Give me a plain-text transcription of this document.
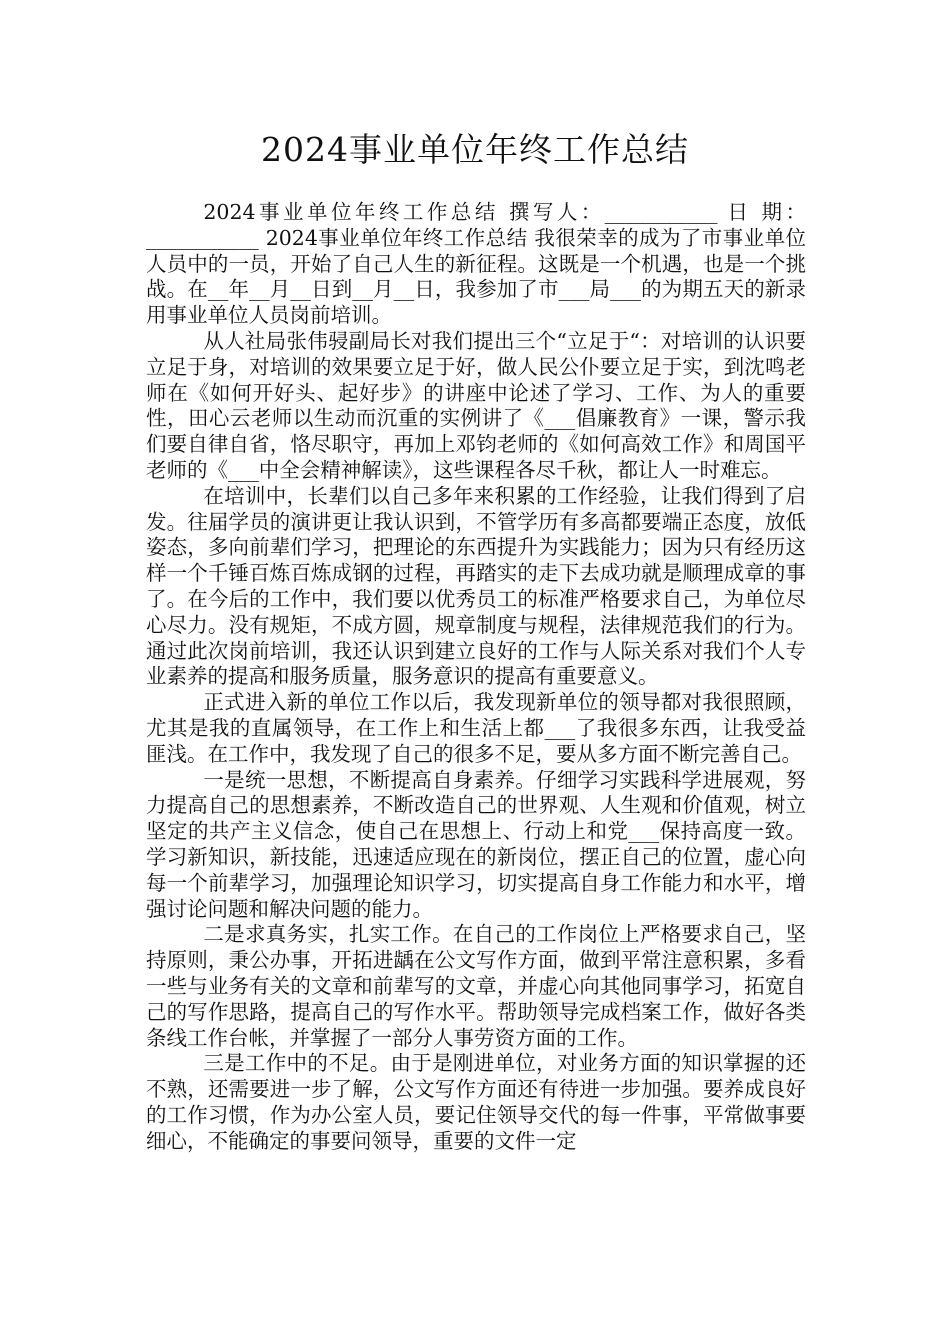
2024事业单位年终工作总结

2024事业单位年终工作总结 撰写人：___________ 日 期：___________ 2024事业单位年终工作总结 我很荣幸的成为了市事业单位人员中的一员，开始了自己人生的新征程。这既是一个机遇，也是一个挑战。在__年__月__日到__月__日，我参加了市___局___的为期五天的新录用事业单位人员岗前培训。

从人社局张伟骎副局长对我们提出三个“立足于“：对培训的认识要立足于身，对培训的效果要立足于好，做人民公仆要立足于实，到沈鸣老师在《如何开好头、起好步》的讲座中论述了学习、工作、为人的重要性，田心云老师以生动而沉重的实例讲了《___倡廉教育》一课，警示我们要自律自省，恪尽职守，再加上邓钧老师的《如何高效工作》和周国平老师的《___中全会精神解读》，这些课程各尽千秋，都让人一时难忘。

在培训中，长辈们以自己多年来积累的工作经验，让我们得到了启发。往届学员的演讲更让我认识到，不管学历有多高都要端正态度，放低姿态，多向前辈们学习，把理论的东西提升为实践能力；因为只有经历这样一个千锤百炼百炼成钢的过程，再踏实的走下去成功就是顺理成章的事了。在今后的工作中，我们要以优秀员工的标准严格要求自己，为单位尽心尽力。没有规矩，不成方圆，规章制度与规程，法律规范我们的行为。通过此次岗前培训，我还认识到建立良好的工作与人际关系对我们个人专业素养的提高和服务质量，服务意识的提高有重要意义。

正式进入新的单位工作以后，我发现新单位的领导都对我很照顾，尤其是我的直属领导，在工作上和生活上都___了我很多东西，让我受益匪浅。在工作中，我发现了自己的很多不足，要从多方面不断完善自己。

一是统一思想，不断提高自身素养。仔细学习实践科学进展观，努力提高自己的思想素养，不断改造自己的世界观、人生观和价值观，树立坚定的共产主义信念，使自己在思想上、行动上和党___保持高度一致。学习新知识，新技能，迅速适应现在的新岗位，摆正自己的位置，虚心向每一个前辈学习，加强理论知识学习，切实提高自身工作能力和水平，增强讨论问题和解决问题的能力。

二是求真务实，扎实工作。在自己的工作岗位上严格要求自己，坚持原则，秉公办事，开拓进龋在公文写作方面，做到平常注意积累，多看一些与业务有关的文章和前辈写的文章，并虚心向其他同事学习，拓宽自己的写作思路，提高自己的写作水平。帮助领导完成档案工作，做好各类条线工作台帐，并掌握了一部分人事劳资方面的工作。

三是工作中的不足。由于是刚进单位，对业务方面的知识掌握的还不熟，还需要进一步了解，公文写作方面还有待进一步加强。要养成良好的工作习惯，作为办公室人员，要记住领导交代的每一件事，平常做事要细心，不能确定的事要问领导，重要的文件一定
